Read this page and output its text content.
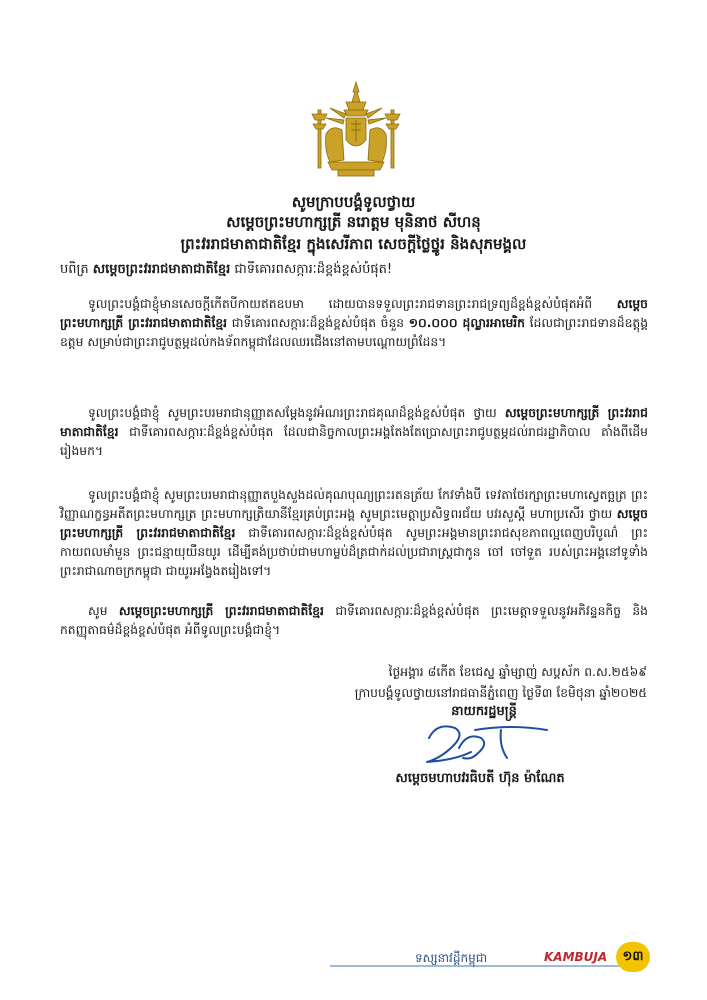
សូមក្រាបបង្គំទូលថ្វាយ
សម្តេចព្រះមហាក្សត្រី នរោត្តម មុនិនាថ សីហនុ
ព្រះវររាជមាតាជាតិខ្មែរ ក្នុងសេរីភាព សេចក្តីថ្លៃថ្នូរ និងសុភមង្គល
បពិត្រ សម្តេចព្រះវររាជមាតាជាតិខ្មែរ ជាទីគោរពសក្ការៈដ៏ខ្ពង់ខ្ពស់បំផុត!
ទូលព្រះបង្គំជាខ្ញុំមានសេចក្តីកើតបីកាយឥតឧបមា ដោយបានទទួលព្រះរាជទានព្រះរាជទ្រព្យដ៏ខ្ពង់ខ្ពស់បំផុតអំពី សម្តេចព្រះមហាក្សត្រី ព្រះវររាជមាតាជាតិខ្មែរ ជាទីគោរពសក្ការៈដ៏ខ្ពង់ខ្ពស់បំផុត ចំនួន ១០.០០០ ដុល្លារអាមេរិក ដែលជាព្រះរាជទានដ៏ឧត្តុង្គឧត្តម សម្រាប់ជាព្រះរាជូបត្ថម្ភដល់កងទ័ពកម្ពុជាដែលឈរជើងនៅតាមបណ្តោយព្រំដែន។
ទូលព្រះបង្គំជាខ្ញុំ សូមព្រះបរមរាជានុញ្ញាតសម្តែងនូវអំណរព្រះរាជគុណដ៏ខ្ពង់ខ្ពស់បំផុត ថ្វាយ សម្តេចព្រះមហាក្សត្រី ព្រះវររាជមាតាជាតិខ្មែរ ជាទីគោរពសក្ការៈដ៏ខ្ពង់ខ្ពស់បំផុត ដែលជានិច្ចកាលព្រះអង្គតែងតែប្រោសព្រះរាជូបត្ថម្ភដល់រាជរដ្ឋាភិបាល តាំងពីដើមរៀងមក។
ទូលព្រះបង្គំជាខ្ញុំ សូមព្រះបរមរាជានុញ្ញាតបួងសួងដល់គុណបុណ្យព្រះរតនត្រ័យ កែវទាំងបី ទេវតាថែរក្សាព្រះមហាស្វេតច្ឆត្រ ព្រះវិញ្ញាណក្ខន្ធអតីតព្រះមហាក្សត្រ ព្រះមហាក្សត្រិយានីខ្មែរគ្រប់ព្រះអង្គ សូមព្រះមេត្តាប្រសិទ្ធពរជ័យ បវរសួស្តី មហាប្រសើរ ថ្វាយ សម្តេចព្រះមហាក្សត្រី ព្រះវររាជមាតាជាតិខ្មែរ ជាទីគោរពសក្ការៈដ៏ខ្ពង់ខ្ពស់បំផុត សូមព្រះអង្គមានព្រះរាជសុខភាពល្អពេញបរិបូណ៌ ព្រះកាយពលមាំមួន ព្រះជន្មាយុយឺនយូរ ដើម្បីគង់ប្រថាប់ជាមហាម្លប់ដ៏ត្រជាក់ដល់ប្រជារាស្ត្រជាកូន ចៅ ចៅទួត របស់ព្រះអង្គនៅទូទាំងព្រះរាជាណាចក្រកម្ពុជា ជាយូរអង្វែងតរៀងទៅ។
សូម សម្តេចព្រះមហាក្សត្រី ព្រះវររាជមាតាជាតិខ្មែរ ជាទីគោរពសក្ការៈដ៏ខ្ពង់ខ្ពស់បំផុត ព្រះមេត្តាទទួលនូវអភិវន្ទនកិច្ច និងកតញ្ញុតាធម៌ដ៏ខ្ពង់ខ្ពស់បំផុត អំពីទូលព្រះបង្គំជាខ្ញុំ។
ថ្ងៃអង្គារ ៨កើត ខែជេស្ឋ ឆ្នាំម្សាញ់ សប្តស័ក ព.ស.២៥៦៩
ក្រាបបង្គំទូលថ្វាយនៅរាជធានីភ្នំពេញ ថ្ងៃទី៣ ខែមិថុនា ឆ្នាំ២០២៥
នាយករដ្ឋមន្ត្រី
សម្តេចមហាបវរធិបតី ហ៊ុន ម៉ាណែត
ទស្សនាវដ្តីកម្ពុជា	KAMBUJA	១៣
